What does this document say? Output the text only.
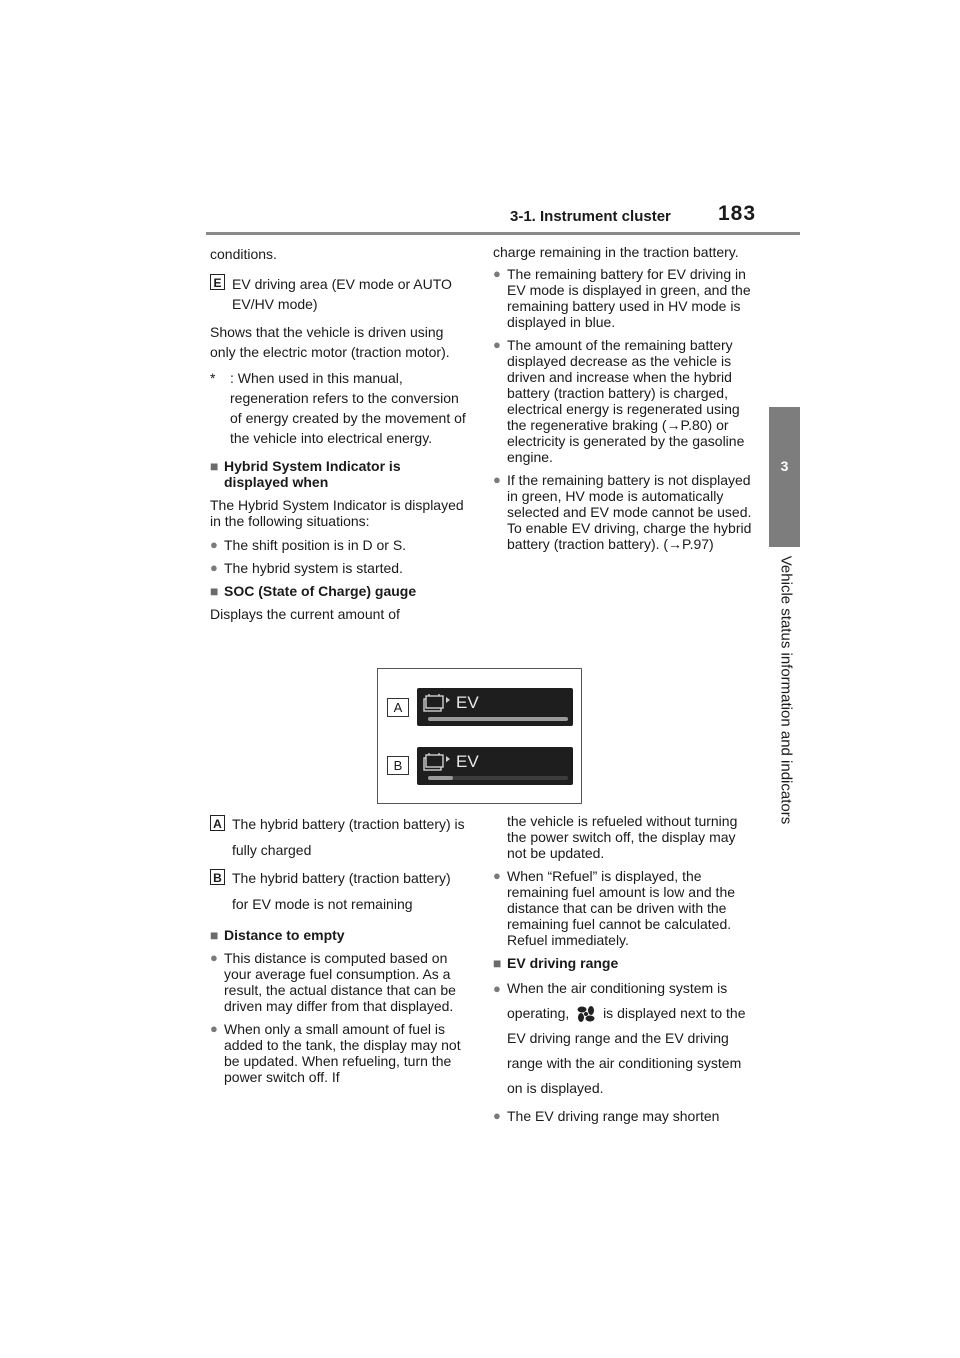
3-1. Instrument cluster 183
3
Vehicle status information and indicators

conditions.

E EV driving area (EV mode or AUTO EV/HV mode)

Shows that the vehicle is driven using only the electric motor (traction motor).

*	: When used in this manual, regeneration refers to the conversion of energy created by the movement of the vehicle into electrical energy.
■ Hybrid System Indicator is displayed when

The Hybrid System Indicator is displayed in the following situations:

● The shift position is in D or S.
● The hybrid system is started.
■ SOC (State of Charge) gauge

Displays the current amount of

charge remaining in the traction battery.

● The remaining battery for EV driving in EV mode is displayed in green, and the remaining battery used in HV mode is displayed in blue.
● The amount of the remaining battery displayed decrease as the vehicle is driven and increase when the hybrid battery (traction battery) is charged, electrical energy is regenerated using the regenerative braking (→P.80) or electricity is generated by the gasoline engine.
● If the remaining battery is not displayed in green, HV mode is automatically selected and EV mode cannot be used. To enable EV driving, charge the hybrid battery (traction battery). (→P.97)
A
B
EV
EV
A The hybrid battery (traction battery) is fully charged
B The hybrid battery (traction battery) for EV mode is not remaining
■ Distance to empty
● This distance is computed based on your average fuel consumption. As a result, the actual distance that can be driven may differ from that displayed.
● When only a small amount of fuel is added to the tank, the display may not be updated. When refueling, turn the power switch off. If

the vehicle is refueled without turning the power switch off, the display may not be updated.

● When “Refuel” is displayed, the remaining fuel amount is low and the distance that can be driven with the remaining fuel cannot be calculated. Refuel immediately.
■ EV driving range
● When the air conditioning system is operating, is displayed next to the EV driving range and the EV driving range with the air conditioning system on is displayed.
● The EV driving range may shorten
